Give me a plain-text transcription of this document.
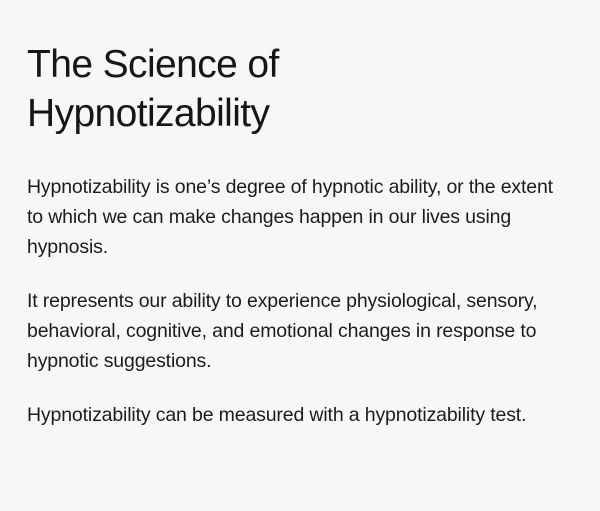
The Science of Hypnotizability

Hypnotizability is one’s degree of hypnotic ability, or the extent to which we can make changes happen in our lives using hypnosis.

It represents our ability to experience physiological, sensory, behavioral, cognitive, and emotional changes in response to hypnotic suggestions.

Hypnotizability can be measured with a hypnotizability test.
